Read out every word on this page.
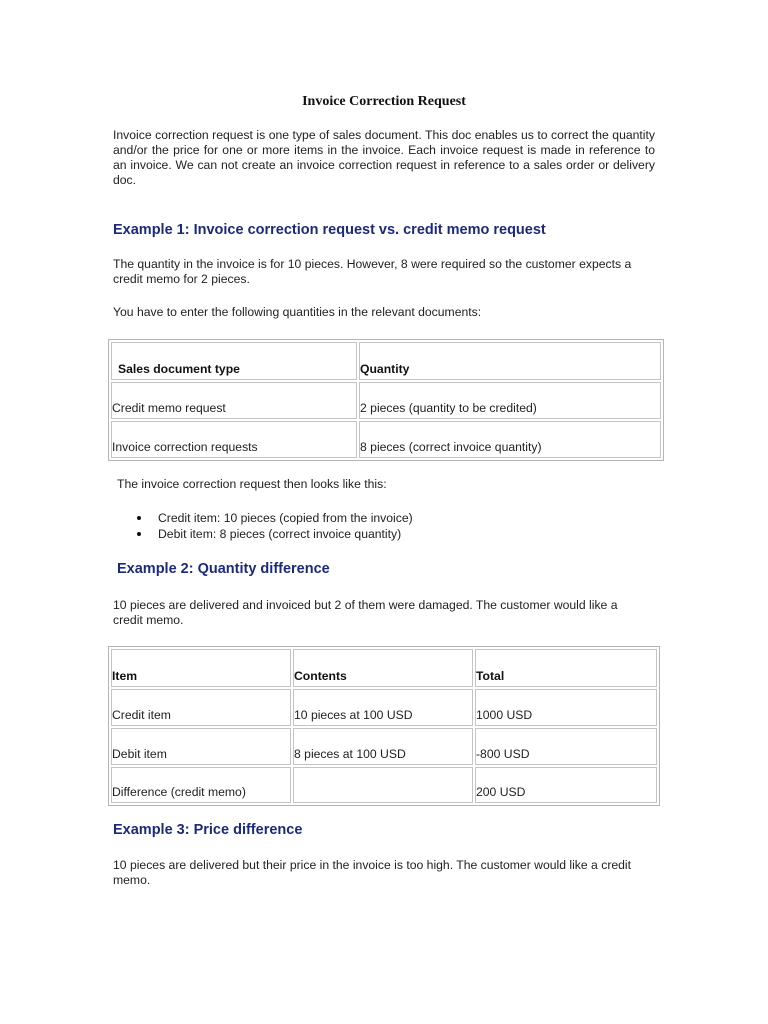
Invoice Correction Request
Invoice correction request is one type of sales document. This doc enables us to correct the quantity and/or the price for one or more items in the invoice. Each invoice request is made in reference to an invoice. We can not create an invoice correction request in reference to a sales order or delivery doc.
Example 1: Invoice correction request vs. credit memo request
The quantity in the invoice is for 10 pieces. However, 8 were required so the customer expects a credit memo for 2 pieces.
You have to enter the following quantities in the relevant documents:
Sales document type	Quantity
Credit memo request	2 pieces (quantity to be credited)
Invoice correction requests	8 pieces (correct invoice quantity)
The invoice correction request then looks like this:
Credit item: 10 pieces (copied from the invoice)
Debit item: 8 pieces (correct invoice quantity)
Example 2: Quantity difference
10 pieces are delivered and invoiced but 2 of them were damaged. The customer would like a credit memo.
Item	Contents	Total
Credit item	10 pieces at 100 USD	1000 USD
Debit item	8 pieces at 100 USD	-800 USD
Difference (credit memo)		200 USD
Example 3: Price difference
10 pieces are delivered but their price in the invoice is too high. The customer would like a credit memo.
